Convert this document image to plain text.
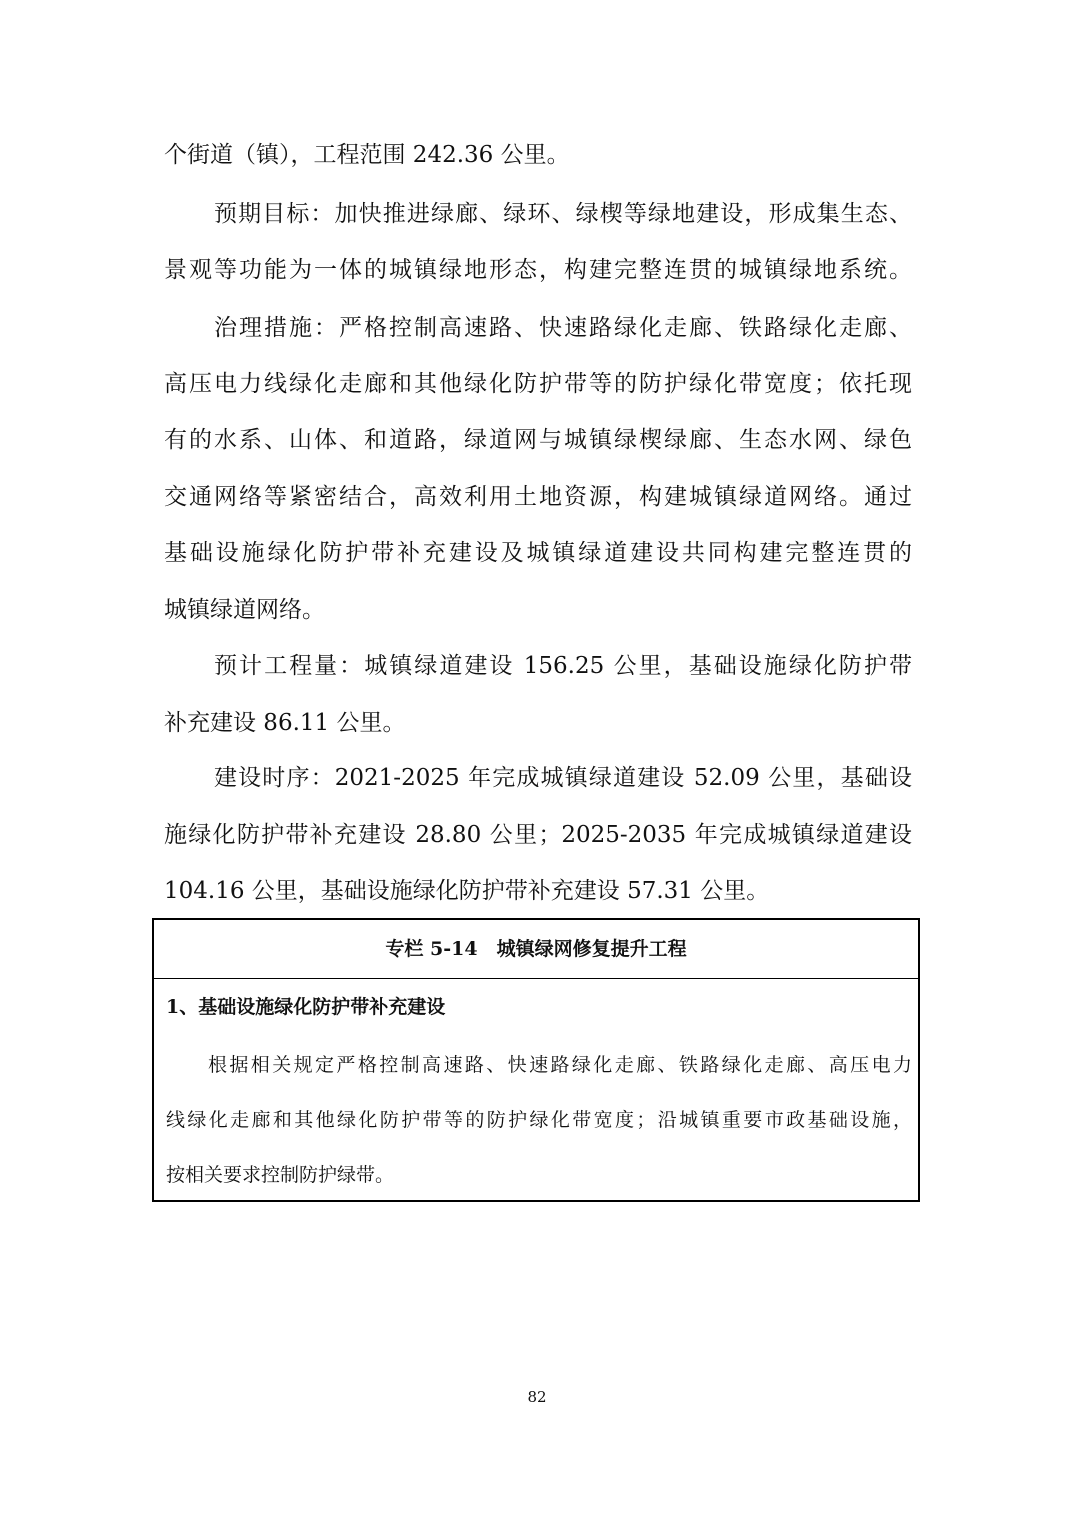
个街道（镇），工程范围 242.36 公里。
预期目标：加快推进绿廊、绿环、绿楔等绿地建设，形成集生态、
景观等功能为一体的城镇绿地形态，构建完整连贯的城镇绿地系统。
治理措施：严格控制高速路、快速路绿化走廊、铁路绿化走廊、
高压电力线绿化走廊和其他绿化防护带等的防护绿化带宽度；依托现
有的水系、山体、和道路，绿道网与城镇绿楔绿廊、生态水网、绿色
交通网络等紧密结合，高效利用土地资源，构建城镇绿道网络。通过
基础设施绿化防护带补充建设及城镇绿道建设共同构建完整连贯的
城镇绿道网络。
预计工程量：城镇绿道建设 156.25 公里，基础设施绿化防护带
补充建设 86.11 公里。
建设时序：2021-2025 年完成城镇绿道建设 52.09 公里，基础设
施绿化防护带补充建设 28.80 公里；2025-2035 年完成城镇绿道建设
104.16 公里，基础设施绿化防护带补充建设 57.31 公里。
专栏 5-14　城镇绿网修复提升工程
1、基础设施绿化防护带补充建设
根据相关规定严格控制高速路、快速路绿化走廊、铁路绿化走廊、高压电力
线绿化走廊和其他绿化防护带等的防护绿化带宽度；沿城镇重要市政基础设施，
按相关要求控制防护绿带。
82
